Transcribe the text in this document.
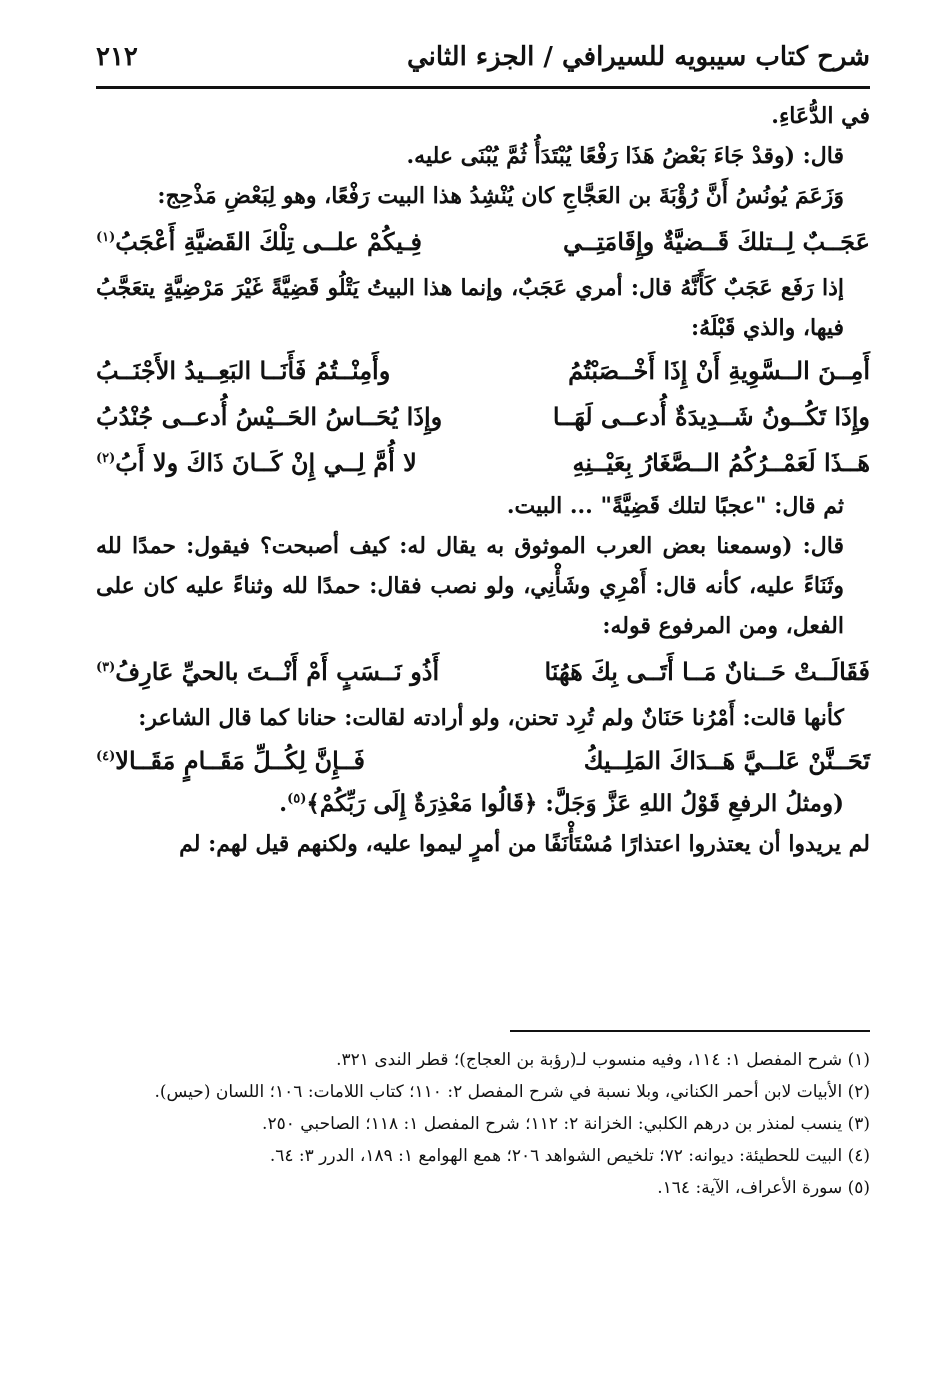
شرح كتاب سيبويه للسيرافي / الجزء الثاني
٢١٢

في الدُّعَاءِ.

قال: (وقدْ جَاءَ بَعْضُ هَذَا رَفْعًا يُبْتَدَأُ ثُمَّ يُبْنَى عليه.

وَزَعَمَ يُونُسُ أَنَّ رُؤْبَةَ بن العَجَّاجِ كان يُنْشِدُ هذا البيت رَفْعًا، وهو لِبَعْضِ مَذْحِج:

عَجَــبٌ لِــتلكَ قَــضيَّةٌ وإِقَامَتِــي
فِـيكُمْ علــى تِلْكَ القَضيَّةِ أَعْجَبُ$^{(١)}$

إذا رَفَع عَجَبٌ كَأَنَّهُ قال: أمري عَجَبٌ، وإنما هذا البيتُ يَتْلُو قَضِيَّةً غَيْرَ مَرْضِيَّةٍ يتعَجَّبُ فيها، والذي قَبْلَهُ:

أَمِــنَ الــسَّوِيةِ أَنْ إِذَا أَخْــصَبْتُمُ
وأَمِنْــتُمُ فَأَنَــا البَعِــيدُ الأَجْنَــبُ
وإِذَا تَكُــونُ شَــدِيدَةٌ أُدعــى لَهَــا
وإِذَا يُحَــاسُ الحَــيْسُ أُدعــى جُنْدُبُ
هَــذَا لَعَمْــرُكُمُ الــصَّغَارُ بِعَيْــنِهِ
لا أُمَّ لِــي إِنْ كَــانَ ذَاكَ ولا أَبُ$^{(٢)}$

ثم قال: "عجبًا لتلك قَضِيَّةً" ... البيت.

قال: (وسمعنا بعض العرب الموثوق به يقال له: كيف أصبحت؟ فيقول: حمدًا لله وثَنَاءً عليه، كأنه قال: أَمْرِي وشَأْنِي، ولو نصب فقال: حمدًا لله وثناءً عليه كان على الفعل، ومن المرفوع قوله:

فَقَالَــتْ حَــنانٌ مَــا أَتَــى بِكَ هَهُنَا
أَذُو نَــسَبٍ أَمْ أَنْــتَ بالحيِّ عَارِفُ$^{(٣)}$

كأنها قالت: أَمْرُنا حَنَانٌ ولم تُرِد تحنن، ولو أرادته لقالت: حنانا كما قال الشاعر:

تَحَــنَّنْ عَلــيَّ هَــدَاكَ المَلِــيكُ
فَــإِنَّ لِكُــلِّ مَقَــامٍ مَقَــالا$^{(٤)}$

(ومثلُ الرفعِ قَوْلُ اللهِ عَزَّ وَجَلَّ: ﴿قَالُوا مَعْذِرَةٌ إِلَى رَبِّكُمْ﴾$^{(٥)}$.

لم يريدوا أن يعتذروا اعتذارًا مُسْتَأْنَفًا من أمرٍ ليموا عليه، ولكنهم قيل لهم: لم

(١) شرح المفصل ١: ١١٤، وفيه منسوب لـ(رؤبة بن العجاج)؛ قطر الندى ٣٢١.

(٢) الأبيات لابن أحمر الكناني، وبلا نسبة في شرح المفصل ٢: ١١٠؛ كتاب اللامات: ١٠٦؛ اللسان (حيس).

(٣) ينسب لمنذر بن درهم الكلبي: الخزانة ٢: ١١٢؛ شرح المفصل ١: ١١٨؛ الصاحبي ٢٥٠.

(٤) البيت للحطيئة: ديوانه: ٧٢؛ تلخيص الشواهد ٢٠٦؛ همع الهوامع ١: ١٨٩، الدرر ٣: ٦٤.

(٥) سورة الأعراف، الآية: ١٦٤.
